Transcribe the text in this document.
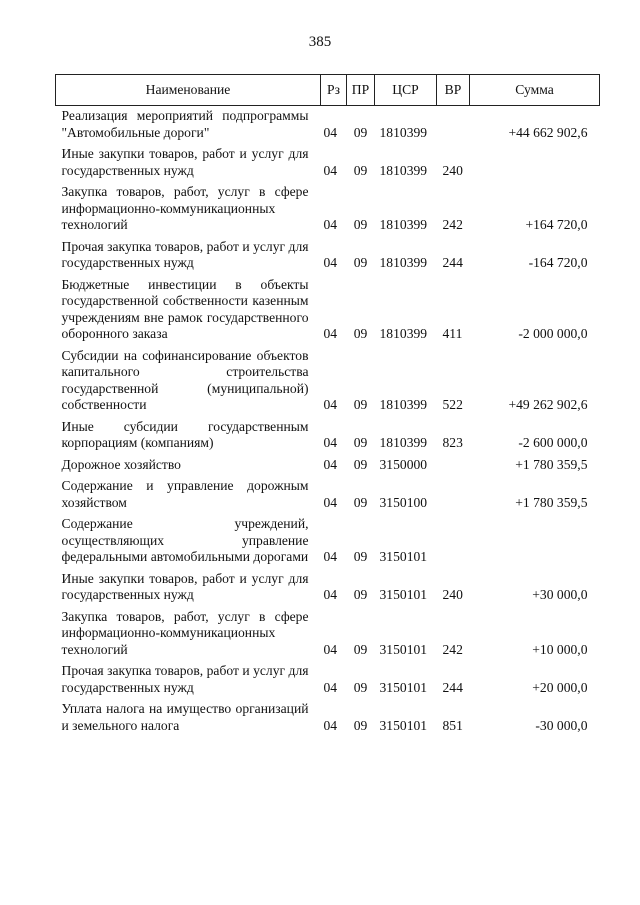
385
Наименование	Рз	ПР	ЦСР	ВР	Сумма
Реализация мероприятий подпрограммы "Автомобильные дороги"	04	09	1810399		+44 662 902,6
Иные закупки товаров, работ и услуг для государственных нужд	04	09	1810399	240	
Закупка товаров, работ, услуг в сфере информационно-коммуникационных технологий	04	09	1810399	242	+164 720,0
Прочая закупка товаров, работ и услуг для государственных нужд	04	09	1810399	244	-164 720,0
Бюджетные инвестиции в объекты государственной собственности казенным учреждениям вне рамок государственного оборонного заказа	04	09	1810399	411	-2 000 000,0
Субсидии на софинансирование объектов капитального строительства государственной (муниципальной) собственности	04	09	1810399	522	+49 262 902,6
Иные субсидии государственным корпорациям (компаниям)	04	09	1810399	823	-2 600 000,0
Дорожное хозяйство	04	09	3150000		+1 780 359,5
Содержание и управление дорожным хозяйством	04	09	3150100		+1 780 359,5
Содержание учреждений, осуществляющих управление федеральными автомобильными дорогами	04	09	3150101		
Иные закупки товаров, работ и услуг для государственных нужд	04	09	3150101	240	+30 000,0
Закупка товаров, работ, услуг в сфере информационно-коммуникационных технологий	04	09	3150101	242	+10 000,0
Прочая закупка товаров, работ и услуг для государственных нужд	04	09	3150101	244	+20 000,0
Уплата налога на имущество организаций и земельного налога	04	09	3150101	851	-30 000,0
